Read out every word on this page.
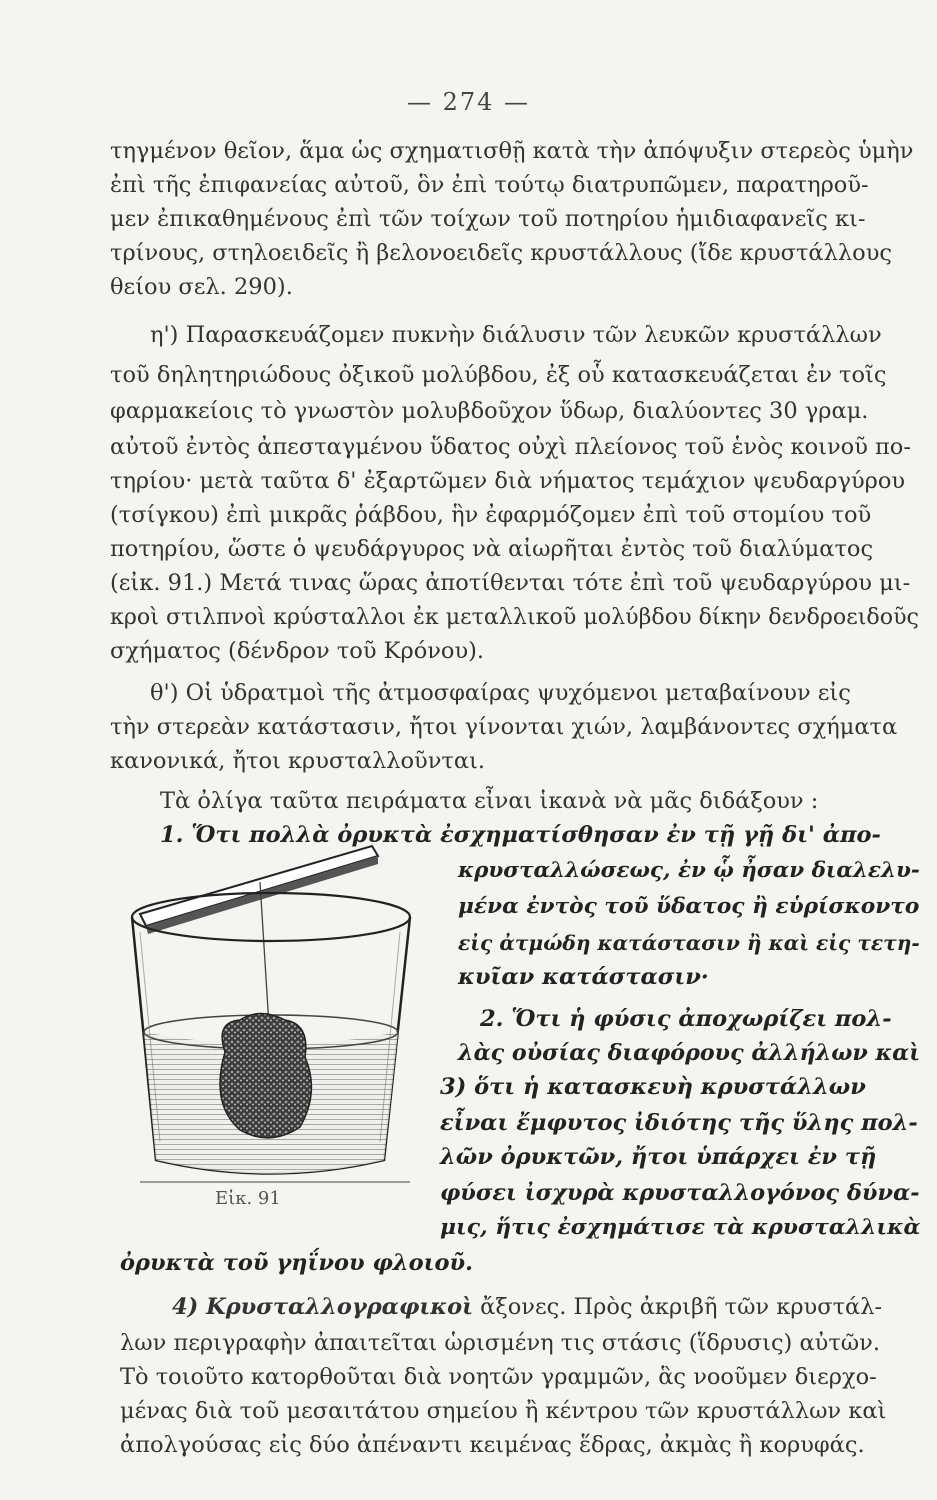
— 274 —
τηγμένον θεῖον, ἅμα ὡς σχηματισθῇ κατὰ τὴν ἀπόψυξιν στερεὸς ὑμὴν
ἐπὶ τῆς ἐπιφανείας αὐτοῦ, ὃν ἐπὶ τούτῳ διατρυπῶμεν, παρατηροῦ-
μεν ἐπικαθημένους ἐπὶ τῶν τοίχων τοῦ ποτηρίου ἡμιδιαφανεῖς κι-
τρίνους, στηλοειδεῖς ἢ βελονοειδεῖς κρυστάλλους (ἴδε κρυστάλλους
θείου σελ. 290).
η') Παρασκευάζομεν πυκνὴν διάλυσιν τῶν λευκῶν κρυστάλλων
τοῦ δηλητηριώδους ὀξικοῦ μολύβδου, ἐξ οὗ κατασκευάζεται ἐν τοῖς
φαρμακείοις τὸ γνωστὸν μολυβδοῦχον ὕδωρ, διαλύοντες 30 γραμ.
αὐτοῦ ἐντὸς ἀπεσταγμένου ὕδατος οὐχὶ πλείονος τοῦ ἑνὸς κοινοῦ πο-
τηρίου· μετὰ ταῦτα δ' ἐξαρτῶμεν διὰ νήματος τεμάχιον ψευδαργύρου
(τσίγκου) ἐπὶ μικρᾶς ῥάβδου, ἣν ἐφαρμόζομεν ἐπὶ τοῦ στομίου τοῦ
ποτηρίου, ὥστε ὁ ψευδάργυρος νὰ αἰωρῆται ἐντὸς τοῦ διαλύματος
(εἰκ. 91.) Μετά τινας ὥρας ἀποτίθενται τότε ἐπὶ τοῦ ψευδαργύρου μι-
κροὶ στιλπνοὶ κρύσταλλοι ἐκ μεταλλικοῦ μολύβδου δίκην δενδροειδοῦς
σχήματος (δένδρον τοῦ Κρόνου).
θ') Οἱ ὑδρατμοὶ τῆς ἀτμοσφαίρας ψυχόμενοι μεταβαίνουν εἰς
τὴν στερεὰν κατάστασιν, ἤτοι γίνονται χιών, λαμβάνοντες σχήματα
κανονικά, ἤτοι κρυσταλλοῦνται.
Τὰ ὀλίγα ταῦτα πειράματα εἶναι ἱκανὰ νὰ μᾶς διδάξουν :
1. Ὅτι πολλὰ ὀρυκτὰ ἐσχηματίσθησαν ἐν τῇ γῇ δι' ἀπο-
κρυσταλλώσεως, ἐν ᾧ ἦσαν διαλελυ-
μένα ἐντὸς τοῦ ὕδατος ἢ εὑρίσκοντο
εἰς ἀτμώδη κατάστασιν ἢ καὶ εἰς τετη-
κυῖαν κατάστασιν·
2. Ὅτι ἡ φύσις ἀποχωρίζει πολ-
λὰς οὐσίας διαφόρους ἀλλήλων καὶ
3) ὅτι ἡ κατασκευὴ κρυστάλλων
εἶναι ἔμφυτος ἰδιότης τῆς ὕλης πολ-
λῶν ὀρυκτῶν, ἤτοι ὑπάρχει ἐν τῇ
φύσει ἰσχυρὰ κρυσταλλογόνος δύνα-
μις, ἥτις ἐσχημάτισε τὰ κρυσταλλικὰ
ὀρυκτὰ τοῦ γηΐνου φλοιοῦ.
Εἰκ. 91
4) Κρυσταλλογραφικοὶ ἄξονες. Πρὸς ἀκριβῆ τῶν κρυστάλ-
λων περιγραφὴν ἀπαιτεῖται ὡρισμένη τις στάσις (ἵδρυσις) αὐτῶν.
Τὸ τοιοῦτο κατορθοῦται διὰ νοητῶν γραμμῶν, ἃς νοοῦμεν διερχο-
μένας διὰ τοῦ μεσαιτάτου σημείου ἢ κέντρου τῶν κρυστάλλων καὶ
ἀπολγούσας εἰς δύο ἀπέναντι κειμένας ἕδρας, ἀκμὰς ἢ κορυφάς.
